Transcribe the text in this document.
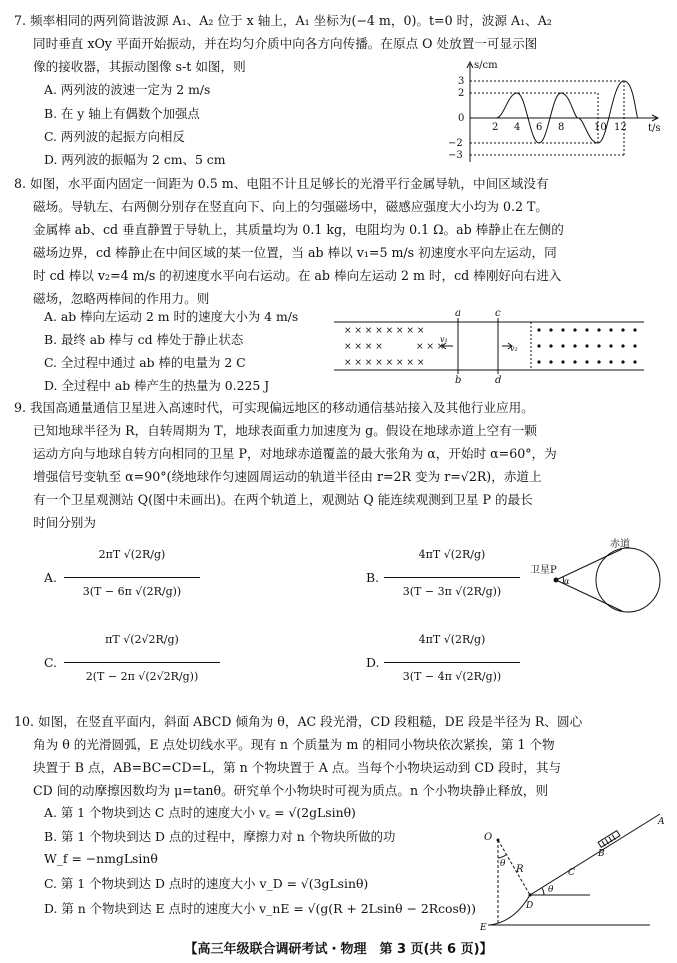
7. 频率相同的两列简谐波源 A₁、A₂ 位于 x 轴上，A₁ 坐标为(−4 m，0)。t=0 时，波源 A₁、A₂
同时垂直 xOy 平面开始振动，并在均匀介质中向各方向传播。在原点 O 处放置一可显示图
像的接收器，其振动图像 s-t 如图，则
A. 两列波的波速一定为 2 m/s
B. 在 y 轴上有偶数个加强点
C. 两列波的起振方向相反
D. 两列波的振幅为 2 cm、5 cm
s/cm
t/s
3
2
0
−2
−3
2 4 6 8	10 12
8. 如图，水平面内固定一间距为 0.5 m、电阻不计且足够长的光滑平行金属导轨，中间区域没有
磁场。导轨左、右两侧分别存在竖直向下、向上的匀强磁场中，磁感应强度大小均为 0.2 T。
金属棒 ab、cd 垂直静置于导轨上，其质量均为 0.1 kg，电阻均为 0.1 Ω。ab 棒静止在左侧的
磁场边界，cd 棒静止在中间区域的某一位置，当 ab 棒以 v₁=5 m/s 初速度水平向左运动，同
时 cd 棒以 v₂=4 m/s 的初速度水平向右运动。在 ab 棒向左运动 2 m 时，cd 棒刚好向右进入
磁场，忽略两棒间的作用力。则
A. ab 棒向左运动 2 m 时的速度大小为 4 m/s
B. 最终 ab 棒与 cd 棒处于静止状态
C. 全过程中通过 ab 棒的电量为 2 C
D. 全过程中 ab 棒产生的热量为 0.225 J
× × × × × × × ×
× × × ×	× × ×
× × × × × × × ×
a
b
c
d
v₁
v₂
9. 我国高通量通信卫星进入高速时代，可实现偏远地区的移动通信基站接入及其他行业应用。
已知地球半径为 R，自转周期为 T，地球表面重力加速度为 g。假设在地球赤道上空有一颗
运动方向与地球自转方向相同的卫星 P，对地球赤道覆盖的最大张角为 α，开始时 α=60°，为
增强信号变轨至 α=90°(绕地球作匀速圆周运动的轨道半径由 r=2R 变为 r=√2R)，赤道上
有一个卫星观测站 Q(图中未画出)。在两个轨道上，观测站 Q 能连续观测到卫星 P 的最长
时间分别为
A.
2πT √(2R/g)
3(T − 6π √(2R/g))
B.
4πT √(2R/g)
3(T − 3π √(2R/g))
C.
πT √(2√2R/g)
2(T − 2π √(2√2R/g))
D.
4πT √(2R/g)
3(T − 4π √(2R/g))
卫星P
赤道
α
10. 如图，在竖直平面内，斜面 ABCD 倾角为 θ，AC 段光滑，CD 段粗糙，DE 段是半径为 R、圆心
角为 θ 的光滑圆弧，E 点处切线水平。现有 n 个质量为 m 的相同小物块依次紧挨，第 1 个物
块置于 B 点，AB=BC=CD=L，第 n 个物块置于 A 点。当每个小物块运动到 CD 段时，其与
CD 间的动摩擦因数均为 μ=tanθ。研究单个小物块时可视为质点。n 个小物块静止释放，则
A. 第 1 个物块到达 C 点时的速度大小 v꜀ = √(2gLsinθ)
B. 第 1 个物块到达 D 点的过程中，摩擦力对 n 个物块所做的功
W_f = −nmgLsinθ
C. 第 1 个物块到达 D 点时的速度大小 v_D = √(3gLsinθ)
D. 第 n 个物块到达 E 点时的速度大小 v_nE = √(g(R + 2Lsinθ − 2Rcosθ))
O
θ R
A
B
C
θ
D
E
【高三年级联合调研考试・物理　第 3 页(共 6 页)】
